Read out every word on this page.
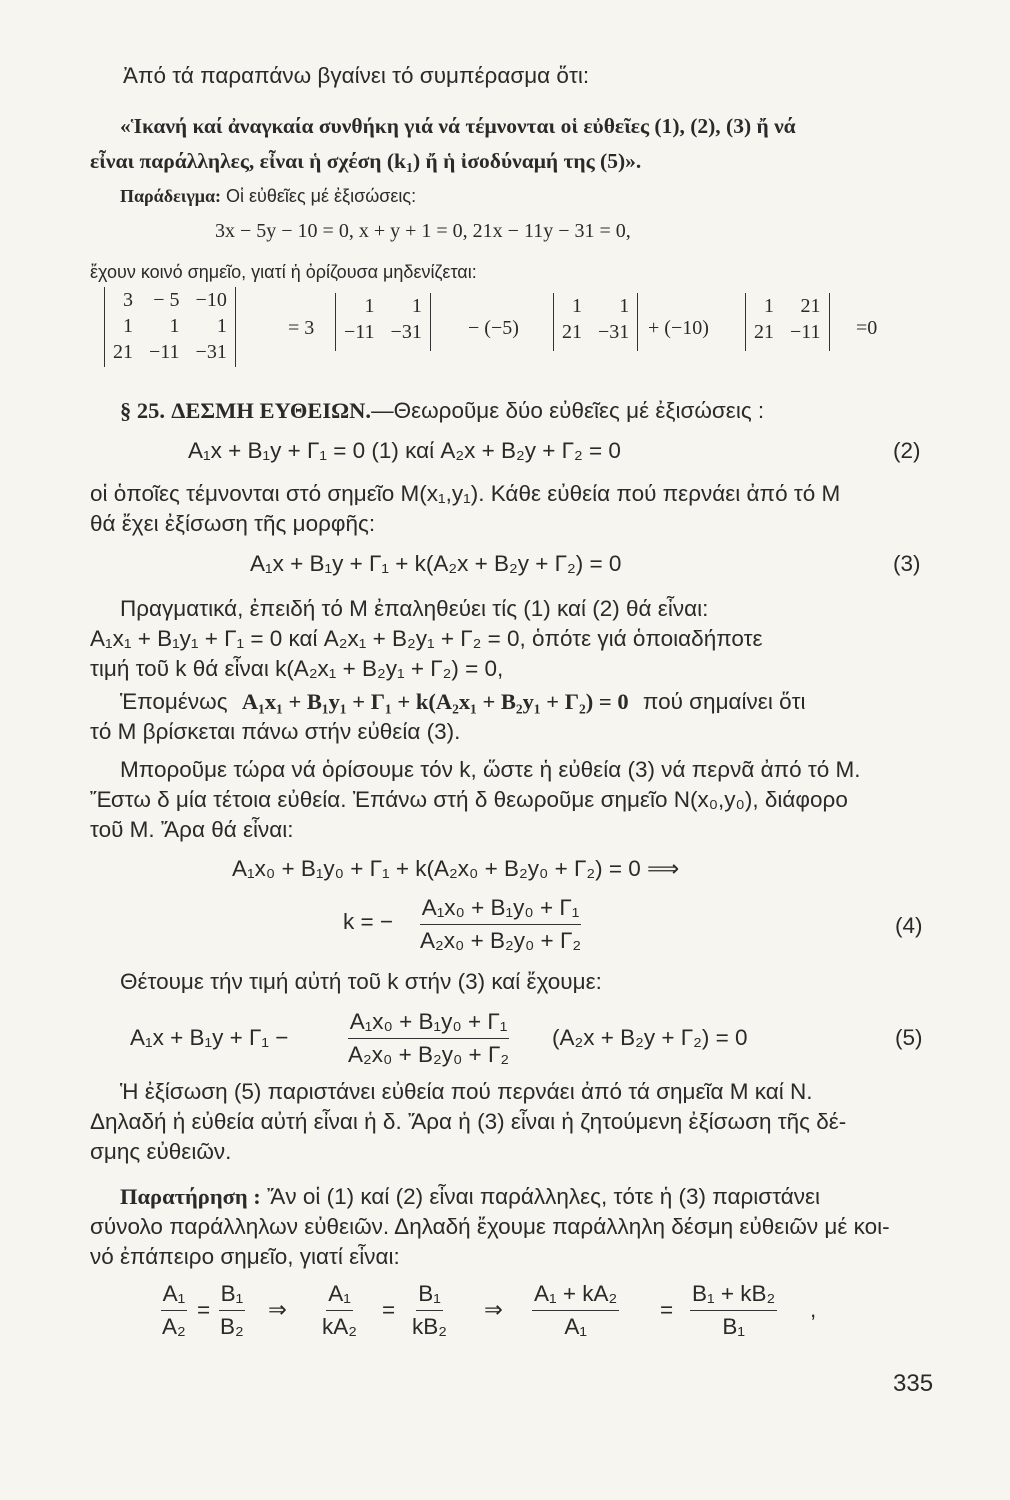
Ἀπό τά παραπάνω βγαίνει τό συμπέρασμα ὅτι:
«Ἱκανή καί ἀναγκαία συνθήκη γιά νά τέμνονται οἱ εὐθεῖες (1), (2), (3) ἤ νά
εἶναι παράλληλες, εἶναι ἡ σχέση $(k_1)$ ἤ ἡ ἰσοδύναμή της (5)».
Παράδειγμα: Οἱ εὐθεῖες μέ ἐξισώσεις:
3x − 5y − 10 = 0, x + y + 1 = 0, 21x − 11y − 31 = 0,
ἔχουν κοινό σημεῖο, γιατί ἡ ὀρίζουσα μηδενίζεται:
3	− 5	−10
1	1	1
21	−11	−31
= 3
1	1
−11	−31 − (−5)
1	1
21	−31 + (−10)
1	21
21	−11 =0
§ 25. ΔΕΣΜΗ ΕΥΘΕΙΩΝ.—Θεωροῦμε δύο εὐθεῖες μέ ἐξισώσεις :
A₁x + B₁y + Γ₁ = 0 (1) καί A₂x + B₂y + Γ₂ = 0	(2)
οἱ ὁποῖες τέμνονται στό σημεῖο M(x₁,y₁). Κάθε εὐθεία πού περνάει ἀπό τό M
θά ἔχει ἐξίσωση τῆς μορφῆς:
A₁x + B₁y + Γ₁ + k(A₂x + B₂y + Γ₂) = 0	(3)
Πραγματικά, ἐπειδή τό M ἐπαληθεύει τίς (1) καί (2) θά εἶναι:
A₁x₁ + B₁y₁ + Γ₁ = 0 καί A₂x₁ + B₂y₁ + Γ₂ = 0, ὁπότε γιά ὁποιαδήποτε
τιμή τοῦ k θά εἶναι k(A₂x₁ + B₂y₁ + Γ₂) = 0,
Ἑπομένως A₁x₁ + B₁y₁ + Γ₁ + k(A₂x₁ + B₂y₁ + Γ₂) = 0 πού σημαίνει ὅτι
τό M βρίσκεται πάνω στήν εὐθεία (3).
Μποροῦμε τώρα νά ὁρίσουμε τόν k, ὥστε ἡ εὐθεία (3) νά περνᾶ ἀπό τό M.
Ἔστω δ μία τέτοια εὐθεία. Ἐπάνω στή δ θεωροῦμε σημεῖο N(x₀,y₀), διάφορο
τοῦ M. Ἄρα θά εἶναι:
A₁x₀ + B₁y₀ + Γ₁ + k(A₂x₀ + B₂y₀ + Γ₂) = 0 ⟹
k = − $\frac{\text{A₁x₀ + B₁y₀ + Γ₁}}{\text{A₂x₀ + B₂y₀ + Γ₂}}$	(4)
Θέτουμε τήν τιμή αὐτή τοῦ k στήν (3) καί ἔχουμε:
A₁x + B₁y + Γ₁ −	$\frac{\text{A₁x₀ + B₁y₀ + Γ₁}}{\text{A₂x₀ + B₂y₀ + Γ₂}} (A_2x + B_2y + \Gamma_2) = 0$	(5)
Ἡ ἐξίσωση (5) παριστάνει εὐθεία πού περνάει ἀπό τά σημεῖα M καί N.
Δηλαδή ἡ εὐθεία αὐτή εἶναι ἡ δ. Ἄρα ἡ (3) εἶναι ἡ ζητούμενη ἐξίσωση τῆς δέ-
σμης εὐθειῶν.
Παρατήρηση : Ἄν οἱ (1) καί (2) εἶναι παράλληλες, τότε ἡ (3) παριστάνει
σύνολο παράλληλων εὐθειῶν. Δηλαδή ἔχουμε παράλληλη δέσμη εὐθειῶν μέ κοι-
νό ἐπάπειρο σημεῖο, γιατί εἶναι:
$\frac{\text{A₁}}{\text{A₂}} = \frac{\text{B₁}}{\text{B₂}}$ ⇒ $\frac{\text{A₁}}{\text{kA₂}} = \frac{\text{B₁}}{\text{kB₂}}$ ⇒ $\frac{\text{A₁ + kA₂}}{\text{A₁}} = \frac{\text{B₁ + kB₂}}{\text{B₁}}$ ,
335
